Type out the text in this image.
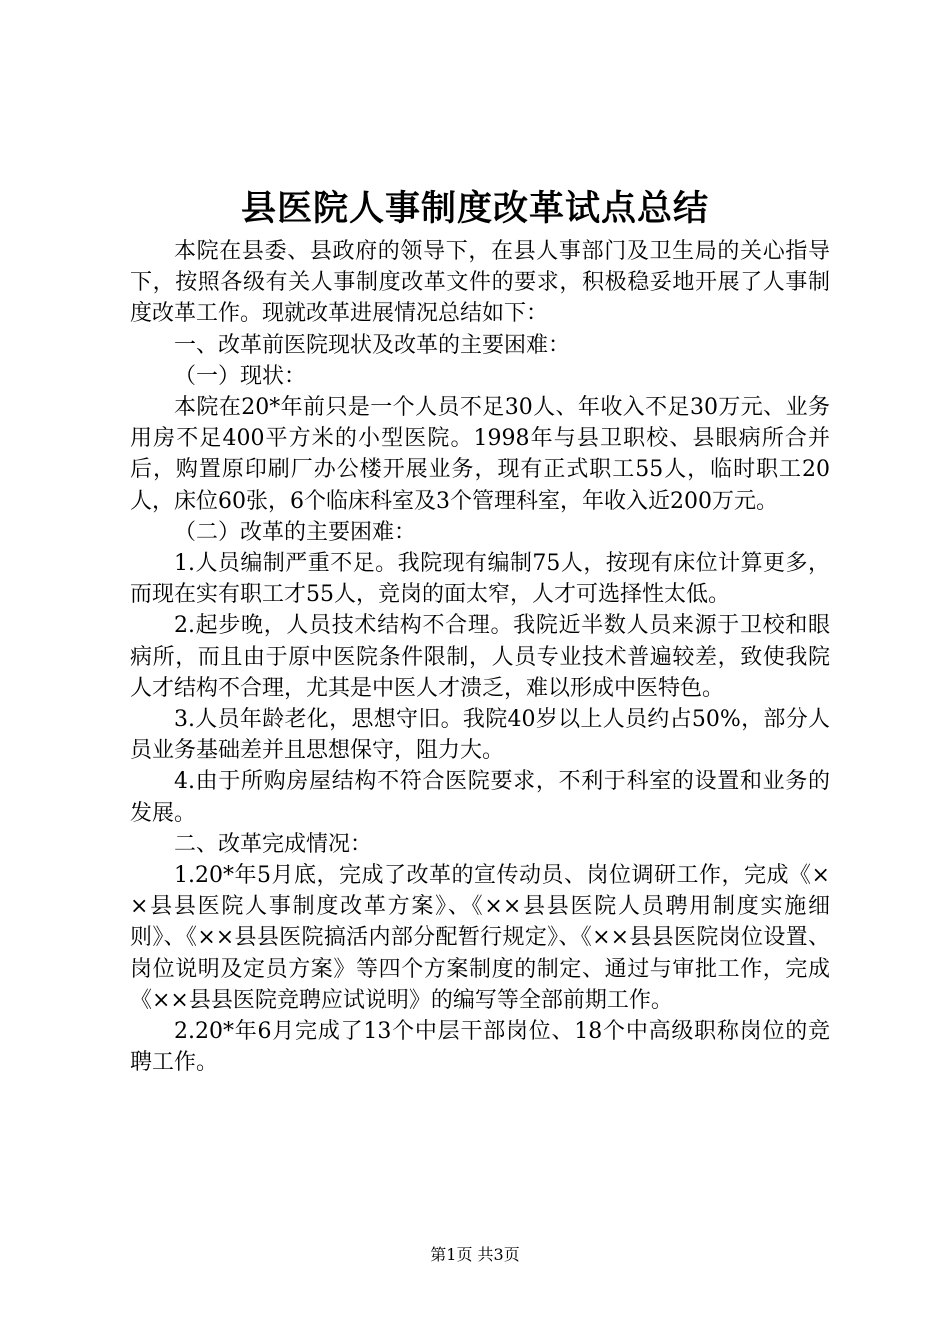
县医院人事制度改革试点总结

本院在县委、县政府的领导下，在县人事部门及卫生局的关心指导下，按照各级有关人事制度改革文件的要求，积极稳妥地开展了人事制度改革工作。现就改革进展情况总结如下：

一、改革前医院现状及改革的主要困难：

（一）现状：

本院在20*年前只是一个人员不足30人、年收入不足30万元、业务用房不足400平方米的小型医院。1998年与县卫职校、县眼病所合并后，购置原印刷厂办公楼开展业务，现有正式职工55人，临时职工20人，床位60张，6个临床科室及3个管理科室，年收入近200万元。

（二）改革的主要困难：

1.人员编制严重不足。我院现有编制75人，按现有床位计算更多，而现在实有职工才55人，竞岗的面太窄，人才可选择性太低。

2.起步晚，人员技术结构不合理。我院近半数人员来源于卫校和眼病所，而且由于原中医院条件限制，人员专业技术普遍较差，致使我院人才结构不合理，尤其是中医人才溃乏，难以形成中医特色。

3.人员年龄老化，思想守旧。我院40岁以上人员约占50%，部分人员业务基础差并且思想保守，阻力大。

4.由于所购房屋结构不符合医院要求，不利于科室的设置和业务的发展。

二、改革完成情况：

1.20*年5月底，完成了改革的宣传动员、岗位调研工作，完成《××县县医院人事制度改革方案》、《××县县医院人员聘用制度实施细则》、《××县县医院搞活内部分配暂行规定》、《××县县医院岗位设置、岗位说明及定员方案》等四个方案制度的制定、通过与审批工作，完成《××县县医院竞聘应试说明》的编写等全部前期工作。

2.20*年6月完成了13个中层干部岗位、18个中高级职称岗位的竞聘工作。

第1页 共3页
